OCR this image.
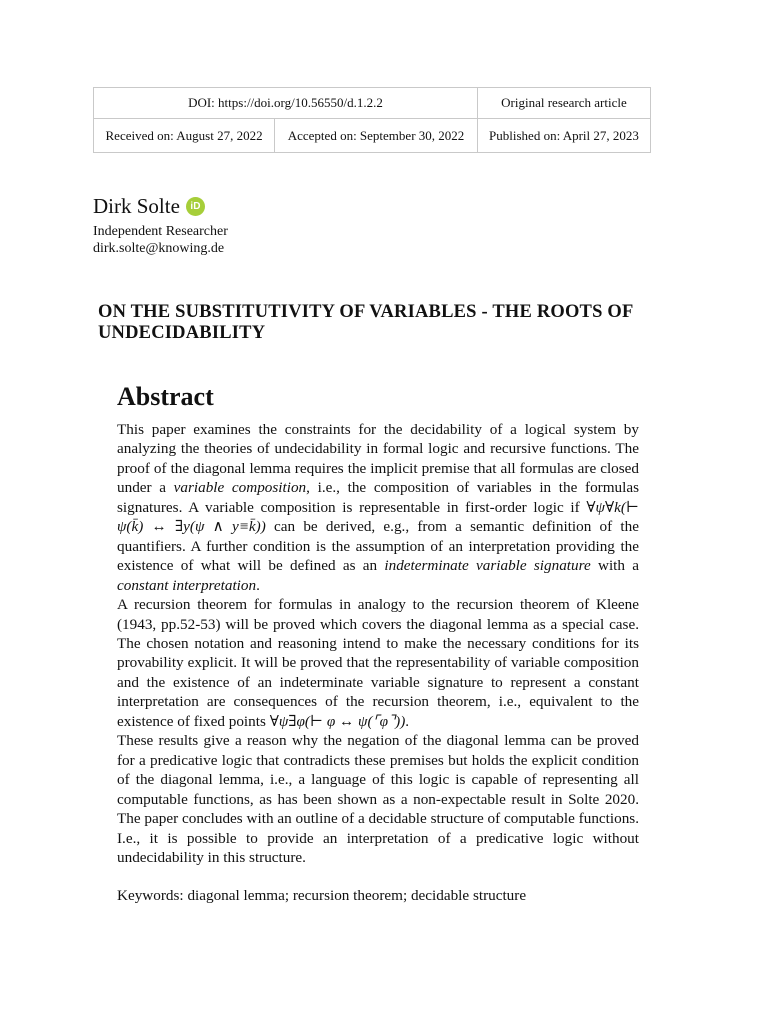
DOI: https://doi.org/10.56550/d.1.2.2		Original research article
Received on: August 27, 2022	Accepted on: September 30, 2022	Published on: April 27, 2023
Dirk Solte	iD
Independent Researcher
dirk.solte@knowing.de
ON THE SUBSTITUTIVITY OF VARIABLES - THE ROOTS OF UNDECIDABILITY
Abstract

This paper examines the constraints for the decidability of a logical system by analyzing the theories of undecidability in formal logic and recursive functions. The proof of the diagonal lemma requires the implicit premise that all formulas are closed under a variable composition, i.e., the composition of variables in the formulas signatures. A variable composition is representable in first-order logic if ∀ψ∀k(⊢ ψ(k̄) ↔ ∃y(ψ ∧ y≡k̄)) can be derived, e.g., from a semantic definition of the quantifiers. A further condition is the assumption of an interpretation providing the existence of what will be defined as an indeterminate variable signature with a constant interpretation.

A recursion theorem for formulas in analogy to the recursion theorem of Kleene (1943, pp.52-53) will be proved which covers the diagonal lemma as a special case. The chosen notation and reasoning intend to make the necessary conditions for its provability explicit. It will be proved that the representability of variable composition and the existence of an indeterminate variable signature to represent a constant interpretation are consequences of the recursion theorem, i.e., equivalent to the existence of fixed points ∀ψ∃φ(⊢ φ ↔ ψ(⌜φ⌝)).

These results give a reason why the negation of the diagonal lemma can be proved for a predicative logic that contradicts these premises but holds the explicit condition of the diagonal lemma, i.e., a language of this logic is capable of representing all computable functions, as has been shown as a non-expectable result in Solte 2020. The paper concludes with an outline of a decidable structure of computable functions. I.e., it is possible to provide an interpretation of a predicative logic without undecidability in this structure.

Keywords: diagonal lemma; recursion theorem; decidable structure
